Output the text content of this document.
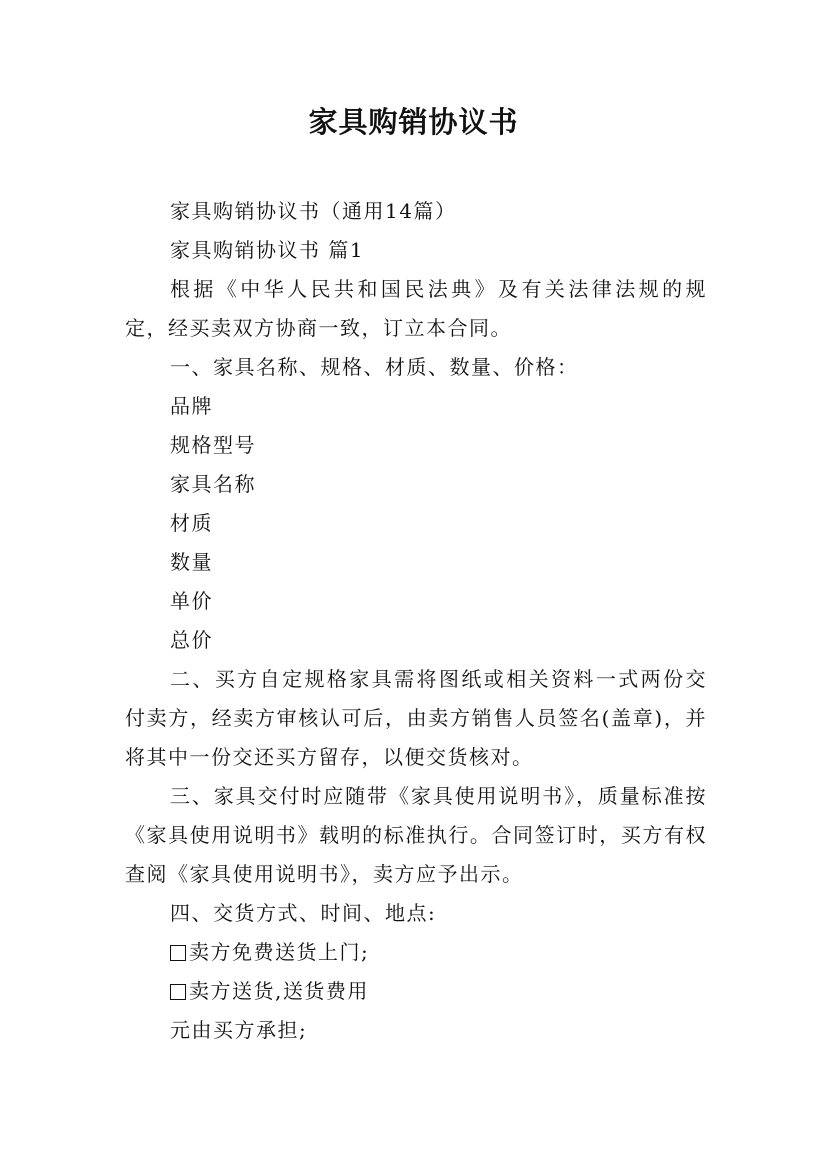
家具购销协议书

家具购销协议书（通用14篇）

家具购销协议书 篇1

根据《中华人民共和国民法典》及有关法律法规的规定，经买卖双方协商一致，订立本合同。

一、家具名称、规格、材质、数量、价格：

品牌

规格型号

家具名称

材质

数量

单价

总价

二、买方自定规格家具需将图纸或相关资料一式两份交付卖方，经卖方审核认可后，由卖方销售人员签名(盖章)，并将其中一份交还买方留存，以便交货核对。

三、家具交付时应随带《家具使用说明书》，质量标准按《家具使用说明书》载明的标准执行。合同签订时，买方有权查阅《家具使用说明书》，卖方应予出示。

四、交货方式、时间、地点:

卖方免费送货上门;

卖方送货,送货费用

元由买方承担;
